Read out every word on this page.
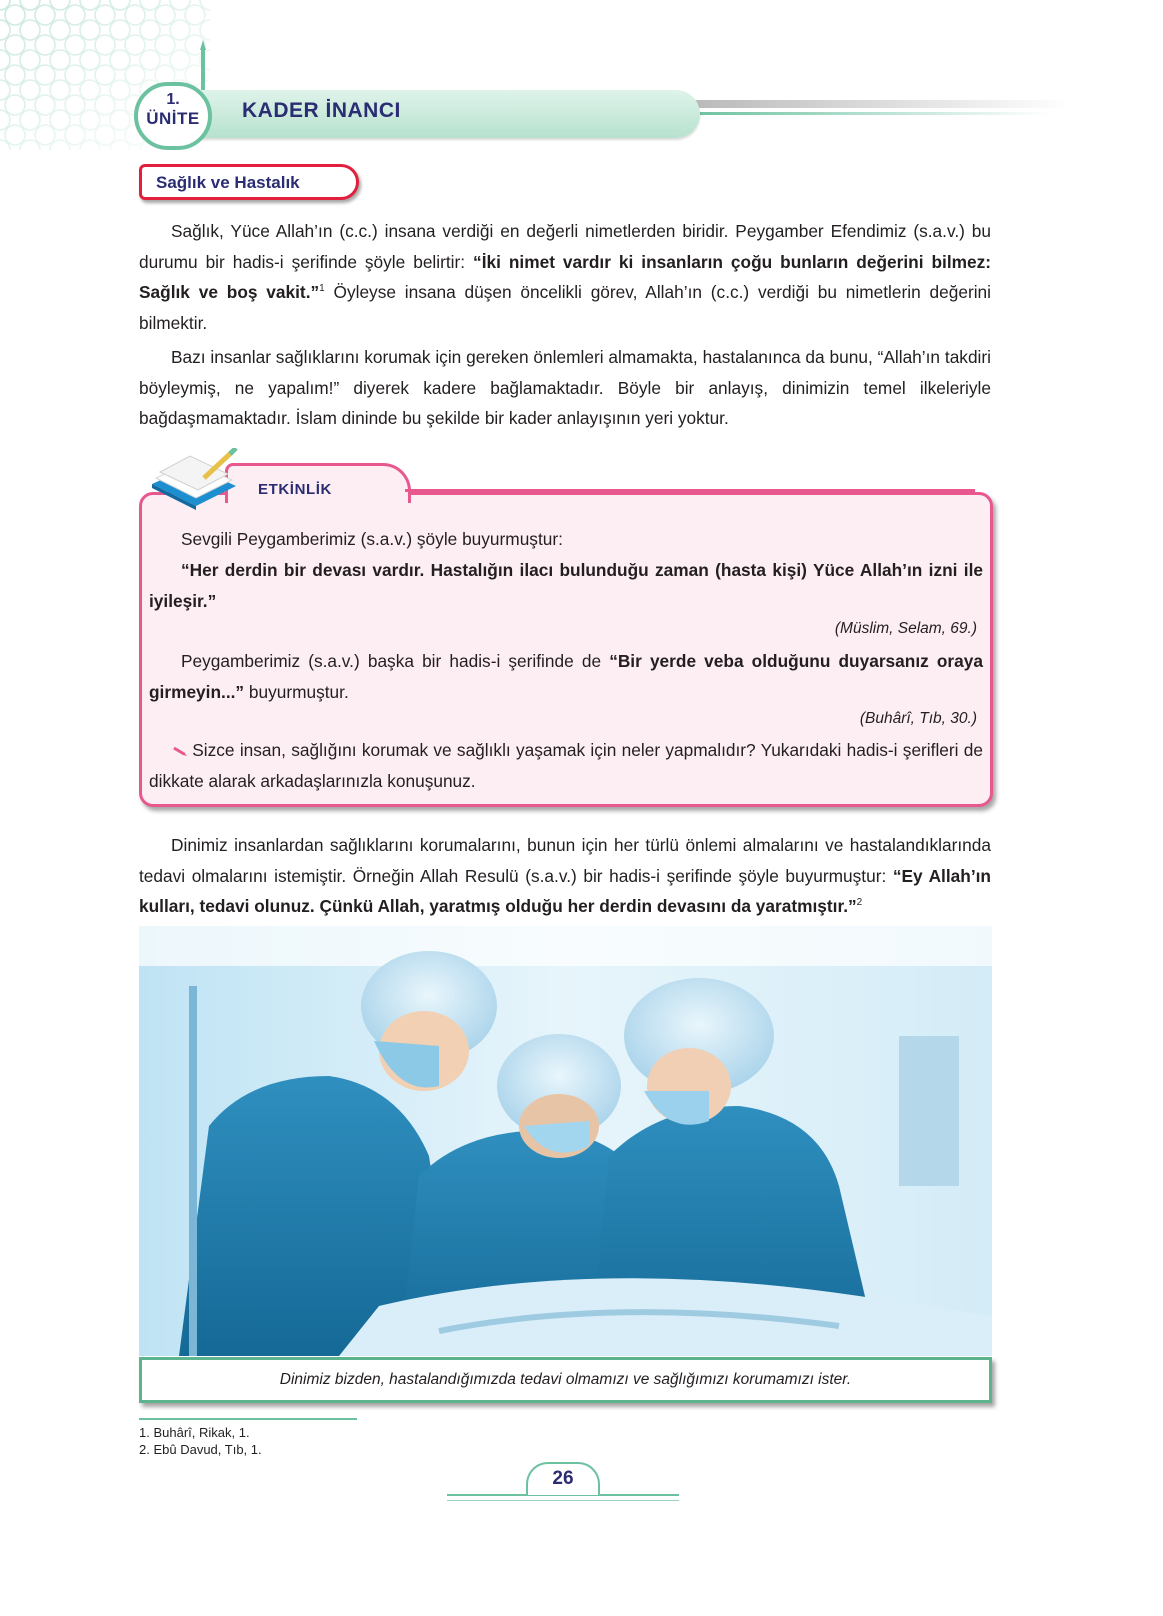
1.
ÜNİTE	KADER İNANCI
Sağlık ve Hastalık

Sağlık, Yüce Allah’ın (c.c.) insana verdiği en değerli nimetlerden biridir. Peygamber Efendimiz (s.a.v.) bu durumu bir hadis-i şerifinde şöyle belirtir: “İki nimet vardır ki insanların çoğu bunların değerini bilmez: Sağlık ve boş vakit.”$^1$ Öyleyse insana düşen öncelikli görev, Allah’ın (c.c.) verdiği bu nimetlerin değerini bilmektir.

Bazı insanlar sağlıklarını korumak için gereken önlemleri almamakta, hastalanınca da bunu, “Allah’ın takdiri böyleymiş, ne yapalım!” diyerek kadere bağlamaktadır. Böyle bir anlayış, dinimizin temel ilkeleriyle bağdaşmamaktadır. İslam dininde bu şekilde bir kader anlayışının yeri yoktur.

ETKİNLİK

Sevgili Peygamberimiz (s.a.v.) şöyle buyurmuştur:

“Her derdin bir devası vardır. Hastalığın ilacı bulunduğu zaman (hasta kişi) Yüce Allah’ın izni ile iyileşir.”

(Müslim, Selam, 69.)

Peygamberimiz (s.a.v.) başka bir hadis-i şerifinde de “Bir yerde veba olduğunu duyarsanız oraya girmeyin...” buyurmuştur.

(Buhârî, Tıb, 30.)

Sizce insan, sağlığını korumak ve sağlıklı yaşamak için neler yapmalıdır? Yukarıdaki hadis-i şerifleri de dikkate alarak arkadaşlarınızla konuşunuz.

Dinimiz insanlardan sağlıklarını korumalarını, bunun için her türlü önlemi almalarını ve hastalandıklarında tedavi olmalarını istemiştir. Örneğin Allah Resulü (s.a.v.) bir hadis-i şerifinde şöyle buyurmuştur: “Ey Allah’ın kulları, tedavi olunuz. Çünkü Allah, yaratmış olduğu her derdin devasını da yaratmıştır.”$^2$

Dinimiz bizden, hastalandığımızda tedavi olmamızı ve sağlığımızı korumamızı ister.
1. Buhârî, Rikak, 1.
2. Ebû Davud, Tıb, 1.
26
